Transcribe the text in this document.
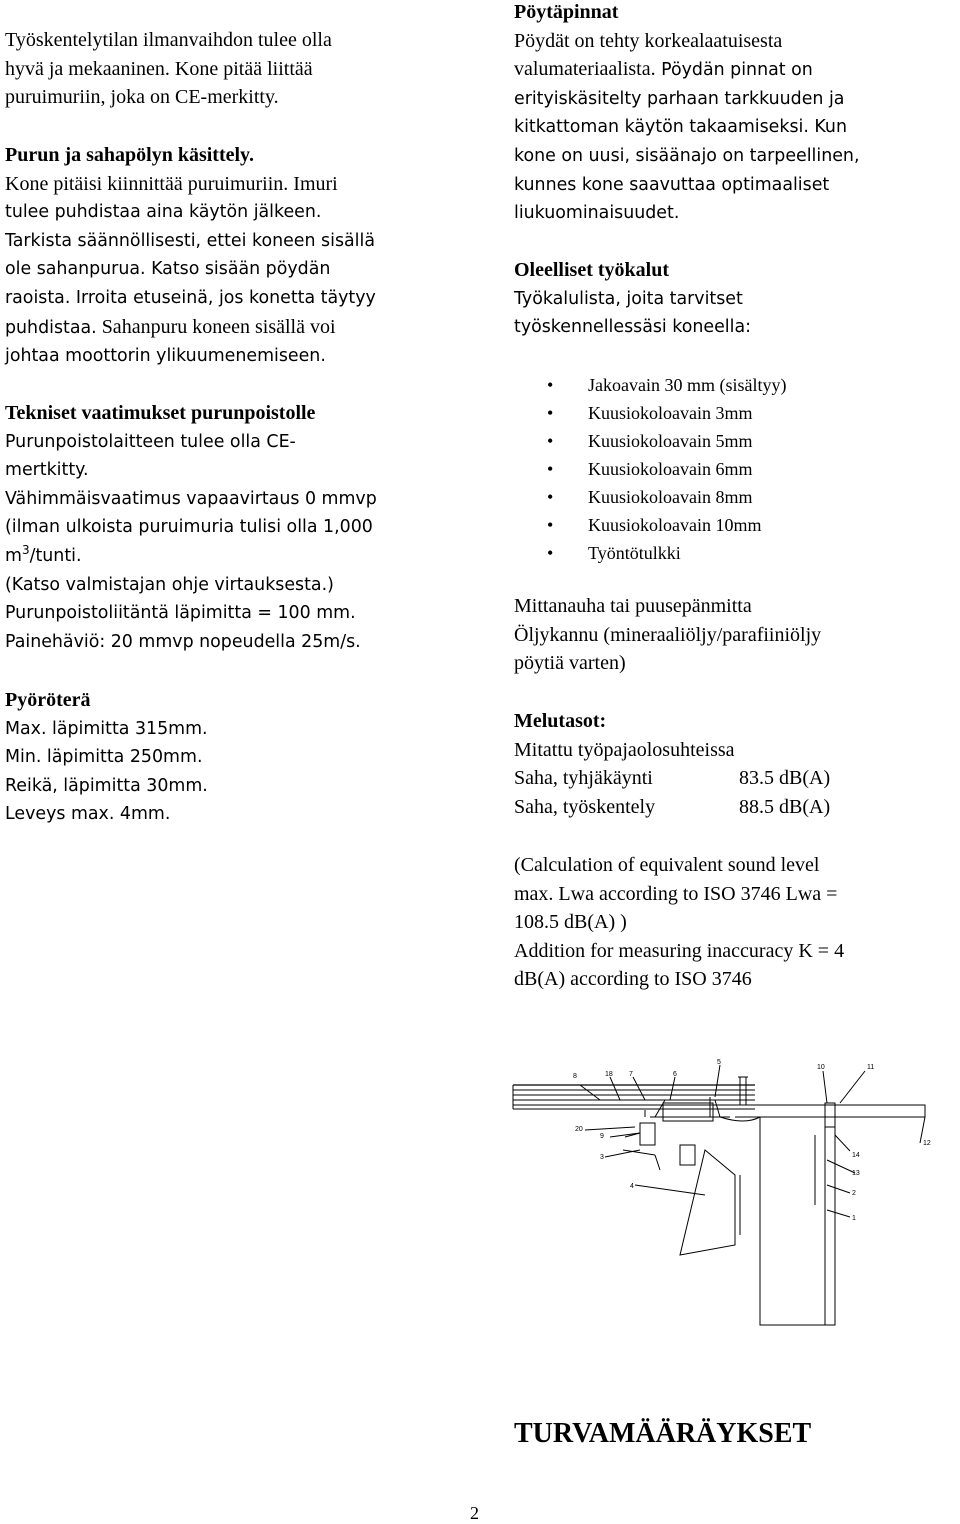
Työskentelytilan ilmanvaihdon tulee olla
hyvä ja mekaaninen. Kone pitää liittää
puruimuriin, joka on CE-merkitty.
Purun ja sahapölyn käsittely.
Kone pitäisi kiinnittää puruimuriin. Imuri
tulee puhdistaa aina käytön jälkeen.
Tarkista säännöllisesti, ettei koneen sisällä
ole sahanpurua. Katso sisään pöydän
raoista. Irroita etuseinä, jos konetta täytyy
puhdistaa. Sahanpuru koneen sisällä voi
johtaa moottorin ylikuumenemiseen.
Tekniset vaatimukset purunpoistolle
Purunpoistolaitteen tulee olla CE-
mertkitty.
Vähimmäisvaatimus vapaavirtaus 0 mmvp
(ilman ulkoista puruimuria tulisi olla 1,000
$m^3$/tunti.
(Katso valmistajan ohje virtauksesta.)
Purunpoistoliitäntä läpimitta = 100 mm.
Painehäviö: 20 mmvp nopeudella 25m/s.
Pyöröterä
Max. läpimitta 315mm.
Min. läpimitta 250mm.
Reikä, läpimitta 30mm.
Leveys max. 4mm.
Pöytäpinnat
Pöydät on tehty korkealaatuisesta
valumateriaalista. Pöydän pinnat on
erityiskäsitelty parhaan tarkkuuden ja
kitkattoman käytön takaamiseksi. Kun
kone on uusi, sisäänajo on tarpeellinen,
kunnes kone saavuttaa optimaaliset
liukuominaisuudet.
Oleelliset työkalut
Työkalulista, joita tarvitset
työskennellessäsi koneella:
• Jakoavain 30 mm (sisältyy)
• Kuusiokoloavain 3mm
• Kuusiokoloavain 5mm
• Kuusiokoloavain 6mm
• Kuusiokoloavain 8mm
• Kuusiokoloavain 10mm
• Työntötulkki
Mittanauha tai puusepänmitta
Öljykannu (mineraaliöljy/parafiiniöljy
pöytiä varten)
Melutasot:
Mitattu työpajaolosuhteissa
Saha, tyhjäkäynti	83.5 dB(A)
Saha, työskentely	88.5 dB(A)
(Calculation of equivalent sound level
max. Lwa according to ISO 3746 Lwa =
108.5 dB(A) )
Addition for measuring inaccuracy K = 4
dB(A) according to ISO 3746
8	18 7	6
5
10	11
20
9
3
4
14
12
13
2
1
TURVAMÄÄRÄYKSET
2
